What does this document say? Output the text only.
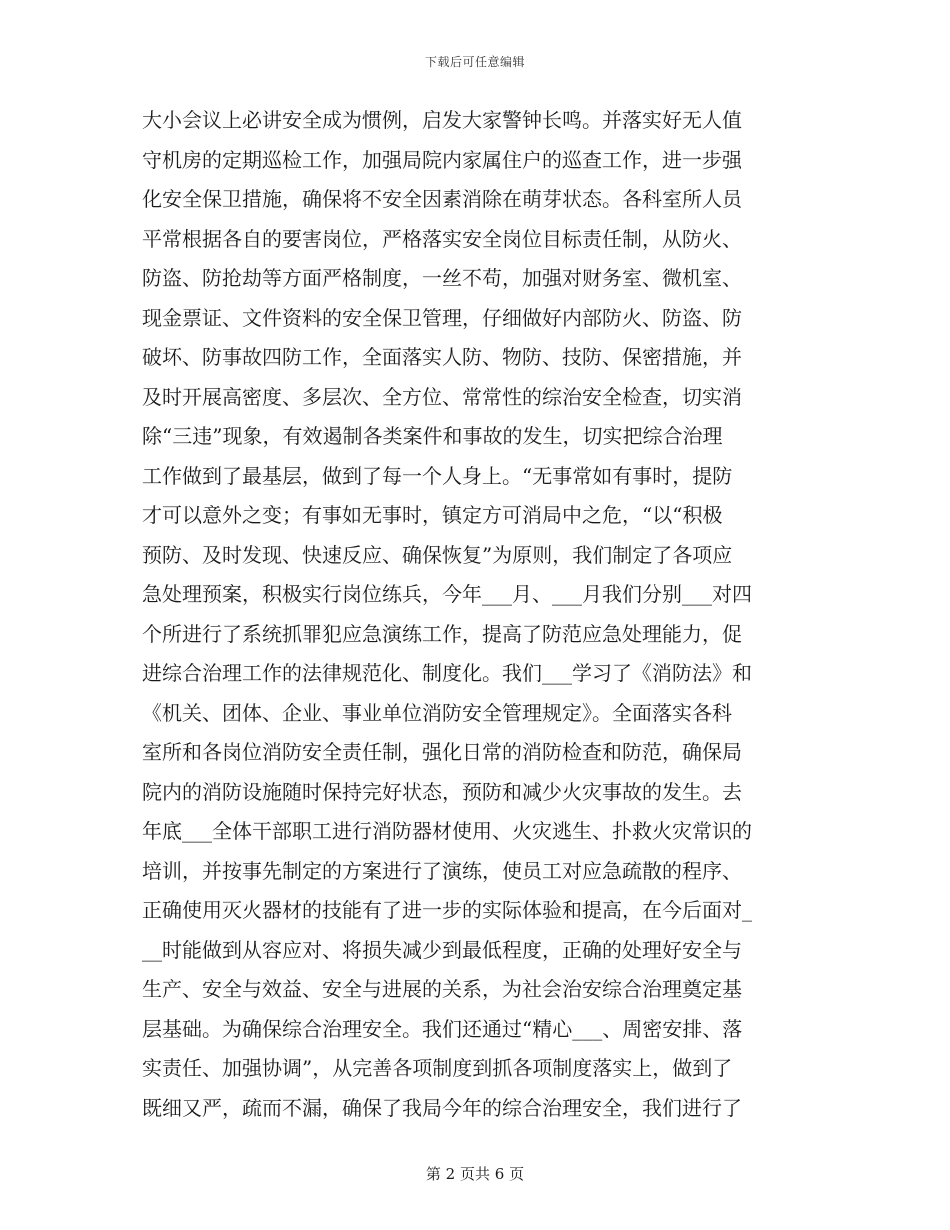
下载后可任意编辑
大小会议上必讲安全成为惯例，启发大家警钟长鸣。并落实好无人值
守机房的定期巡检工作，加强局院内家属住户的巡查工作，进一步强
化安全保卫措施，确保将不安全因素消除在萌芽状态。各科室所人员
平常根据各自的要害岗位，严格落实安全岗位目标责任制，从防火、
防盗、防抢劫等方面严格制度，一丝不苟，加强对财务室、微机室、
现金票证、文件资料的安全保卫管理，仔细做好内部防火、防盗、防
破坏、防事故四防工作，全面落实人防、物防、技防、保密措施，并
及时开展高密度、多层次、全方位、常常性的综治安全检查，切实消
除“三违”现象，有效遏制各类案件和事故的发生，切实把综合治理
工作做到了最基层，做到了每一个人身上。“无事常如有事时，提防
才可以意外之变；有事如无事时，镇定方可消局中之危，“以“积极
预防、及时发现、快速反应、确保恢复”为原则，我们制定了各项应
急处理预案，积极实行岗位练兵，今年___月、___月我们分别___对四
个所进行了系统抓罪犯应急演练工作，提高了防范应急处理能力，促
进综合治理工作的法律规范化、制度化。我们___学习了《消防法》和
《机关、团体、企业、事业单位消防安全管理规定》。全面落实各科
室所和各岗位消防安全责任制，强化日常的消防检查和防范，确保局
院内的消防设施随时保持完好状态，预防和减少火灾事故的发生。去
年底___全体干部职工进行消防器材使用、火灾逃生、扑救火灾常识的
培训，并按事先制定的方案进行了演练，使员工对应急疏散的程序、
正确使用灭火器材的技能有了进一步的实际体验和提高，在今后面对_
__时能做到从容应对、将损失减少到最低程度，正确的处理好安全与
生产、安全与效益、安全与进展的关系，为社会治安综合治理奠定基
层基础。为确保综合治理安全。我们还通过“精心___、周密安排、落
实责任、加强协调”，从完善各项制度到抓各项制度落实上，做到了
既细又严，疏而不漏，确保了我局今年的综合治理安全，我们进行了
第 2 页共 6 页
